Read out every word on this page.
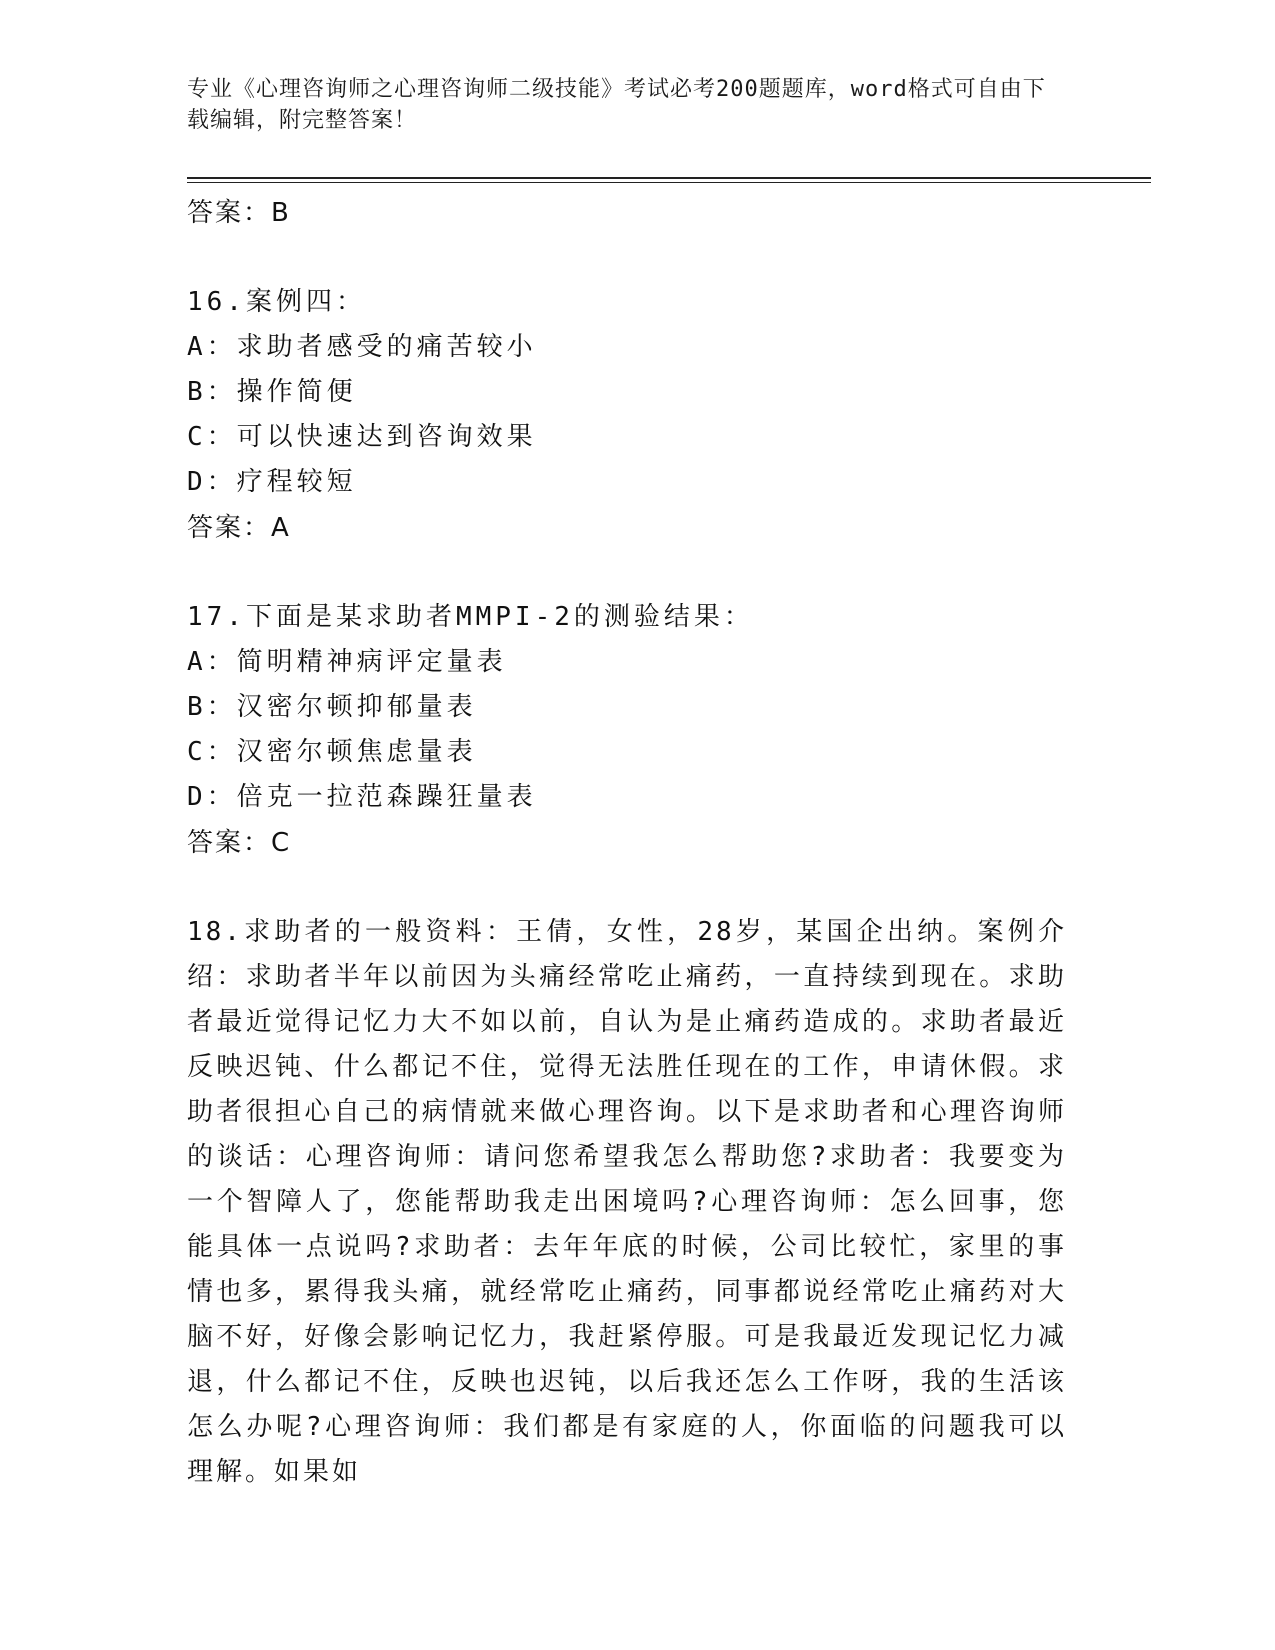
专业《心理咨询师之心理咨询师二级技能》考试必考200题题库，word格式可自由下载编辑，附完整答案！

答案：B

16.案例四：

A：求助者感受的痛苦较小

B：操作简便

C：可以快速达到咨询效果

D：疗程较短

答案：A

17.下面是某求助者MMPI-2的测验结果：

A：简明精神病评定量表

B：汉密尔顿抑郁量表

C：汉密尔顿焦虑量表

D：倍克一拉范森躁狂量表

答案：C

18.求助者的一般资料：王倩，女性，28岁，某国企出纳。案例介绍：求助者半年以前因为头痛经常吃止痛药，一直持续到现在。求助者最近觉得记忆力大不如以前，自认为是止痛药造成的。求助者最近反映迟钝、什么都记不住，觉得无法胜任现在的工作，申请休假。求助者很担心自己的病情就来做心理咨询。以下是求助者和心理咨询师的谈话：心理咨询师：请问您希望我怎么帮助您?求助者：我要变为一个智障人了，您能帮助我走出困境吗?心理咨询师：怎么回事，您能具体一点说吗?求助者：去年年底的时候，公司比较忙，家里的事情也多，累得我头痛，就经常吃止痛药，同事都说经常吃止痛药对大脑不好，好像会影响记忆力，我赶紧停服。可是我最近发现记忆力减退，什么都记不住，反映也迟钝，以后我还怎么工作呀，我的生活该怎么办呢?心理咨询师：我们都是有家庭的人，你面临的问题我可以理解。如果如
